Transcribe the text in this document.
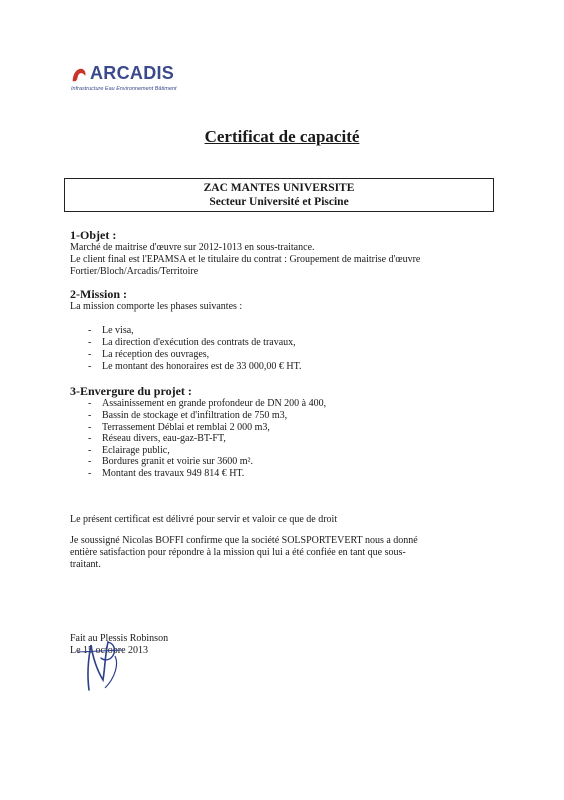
ARCADIS
Infrastructure Eau Environnement Bâtiment
Certificat de capacité
ZAC MANTES UNIVERSITE
Secteur Université et Piscine
1-Objet :

Marché de maitrise d'œuvre sur 2012-1013 en sous-traitance.

Le client final est l'EPAMSA et le titulaire du contrat : Groupement de maitrise d'œuvre

Fortier/Bloch/Arcadis/Territoire

2-Mission :

La mission comporte les phases suivantes :

- Le visa,
- La direction d'exécution des contrats de travaux,
- La réception des ouvrages,
- Le montant des honoraires est de 33 000,00 € HT.
3-Envergure du projet :
- Assainissement en grande profondeur de DN 200 à 400,
- Bassin de stockage et d'infiltration de 750 m3,
- Terrassement Déblai et remblai 2 000 m3,
- Réseau divers, eau-gaz-BT-FT,
- Eclairage public,
- Bordures granit et voirie sur 3600 m².
- Montant des travaux 949 814 € HT.

Le présent certificat est délivré pour servir et valoir ce que de droit

Je soussigné Nicolas BOFFI confirme que la société SOLSPORTEVERT nous a donné

entière satisfaction pour répondre à la mission qui lui a été confiée en tant que sous-

traitant.

Fait au Plessis Robinson

Le 15 octobre 2013
